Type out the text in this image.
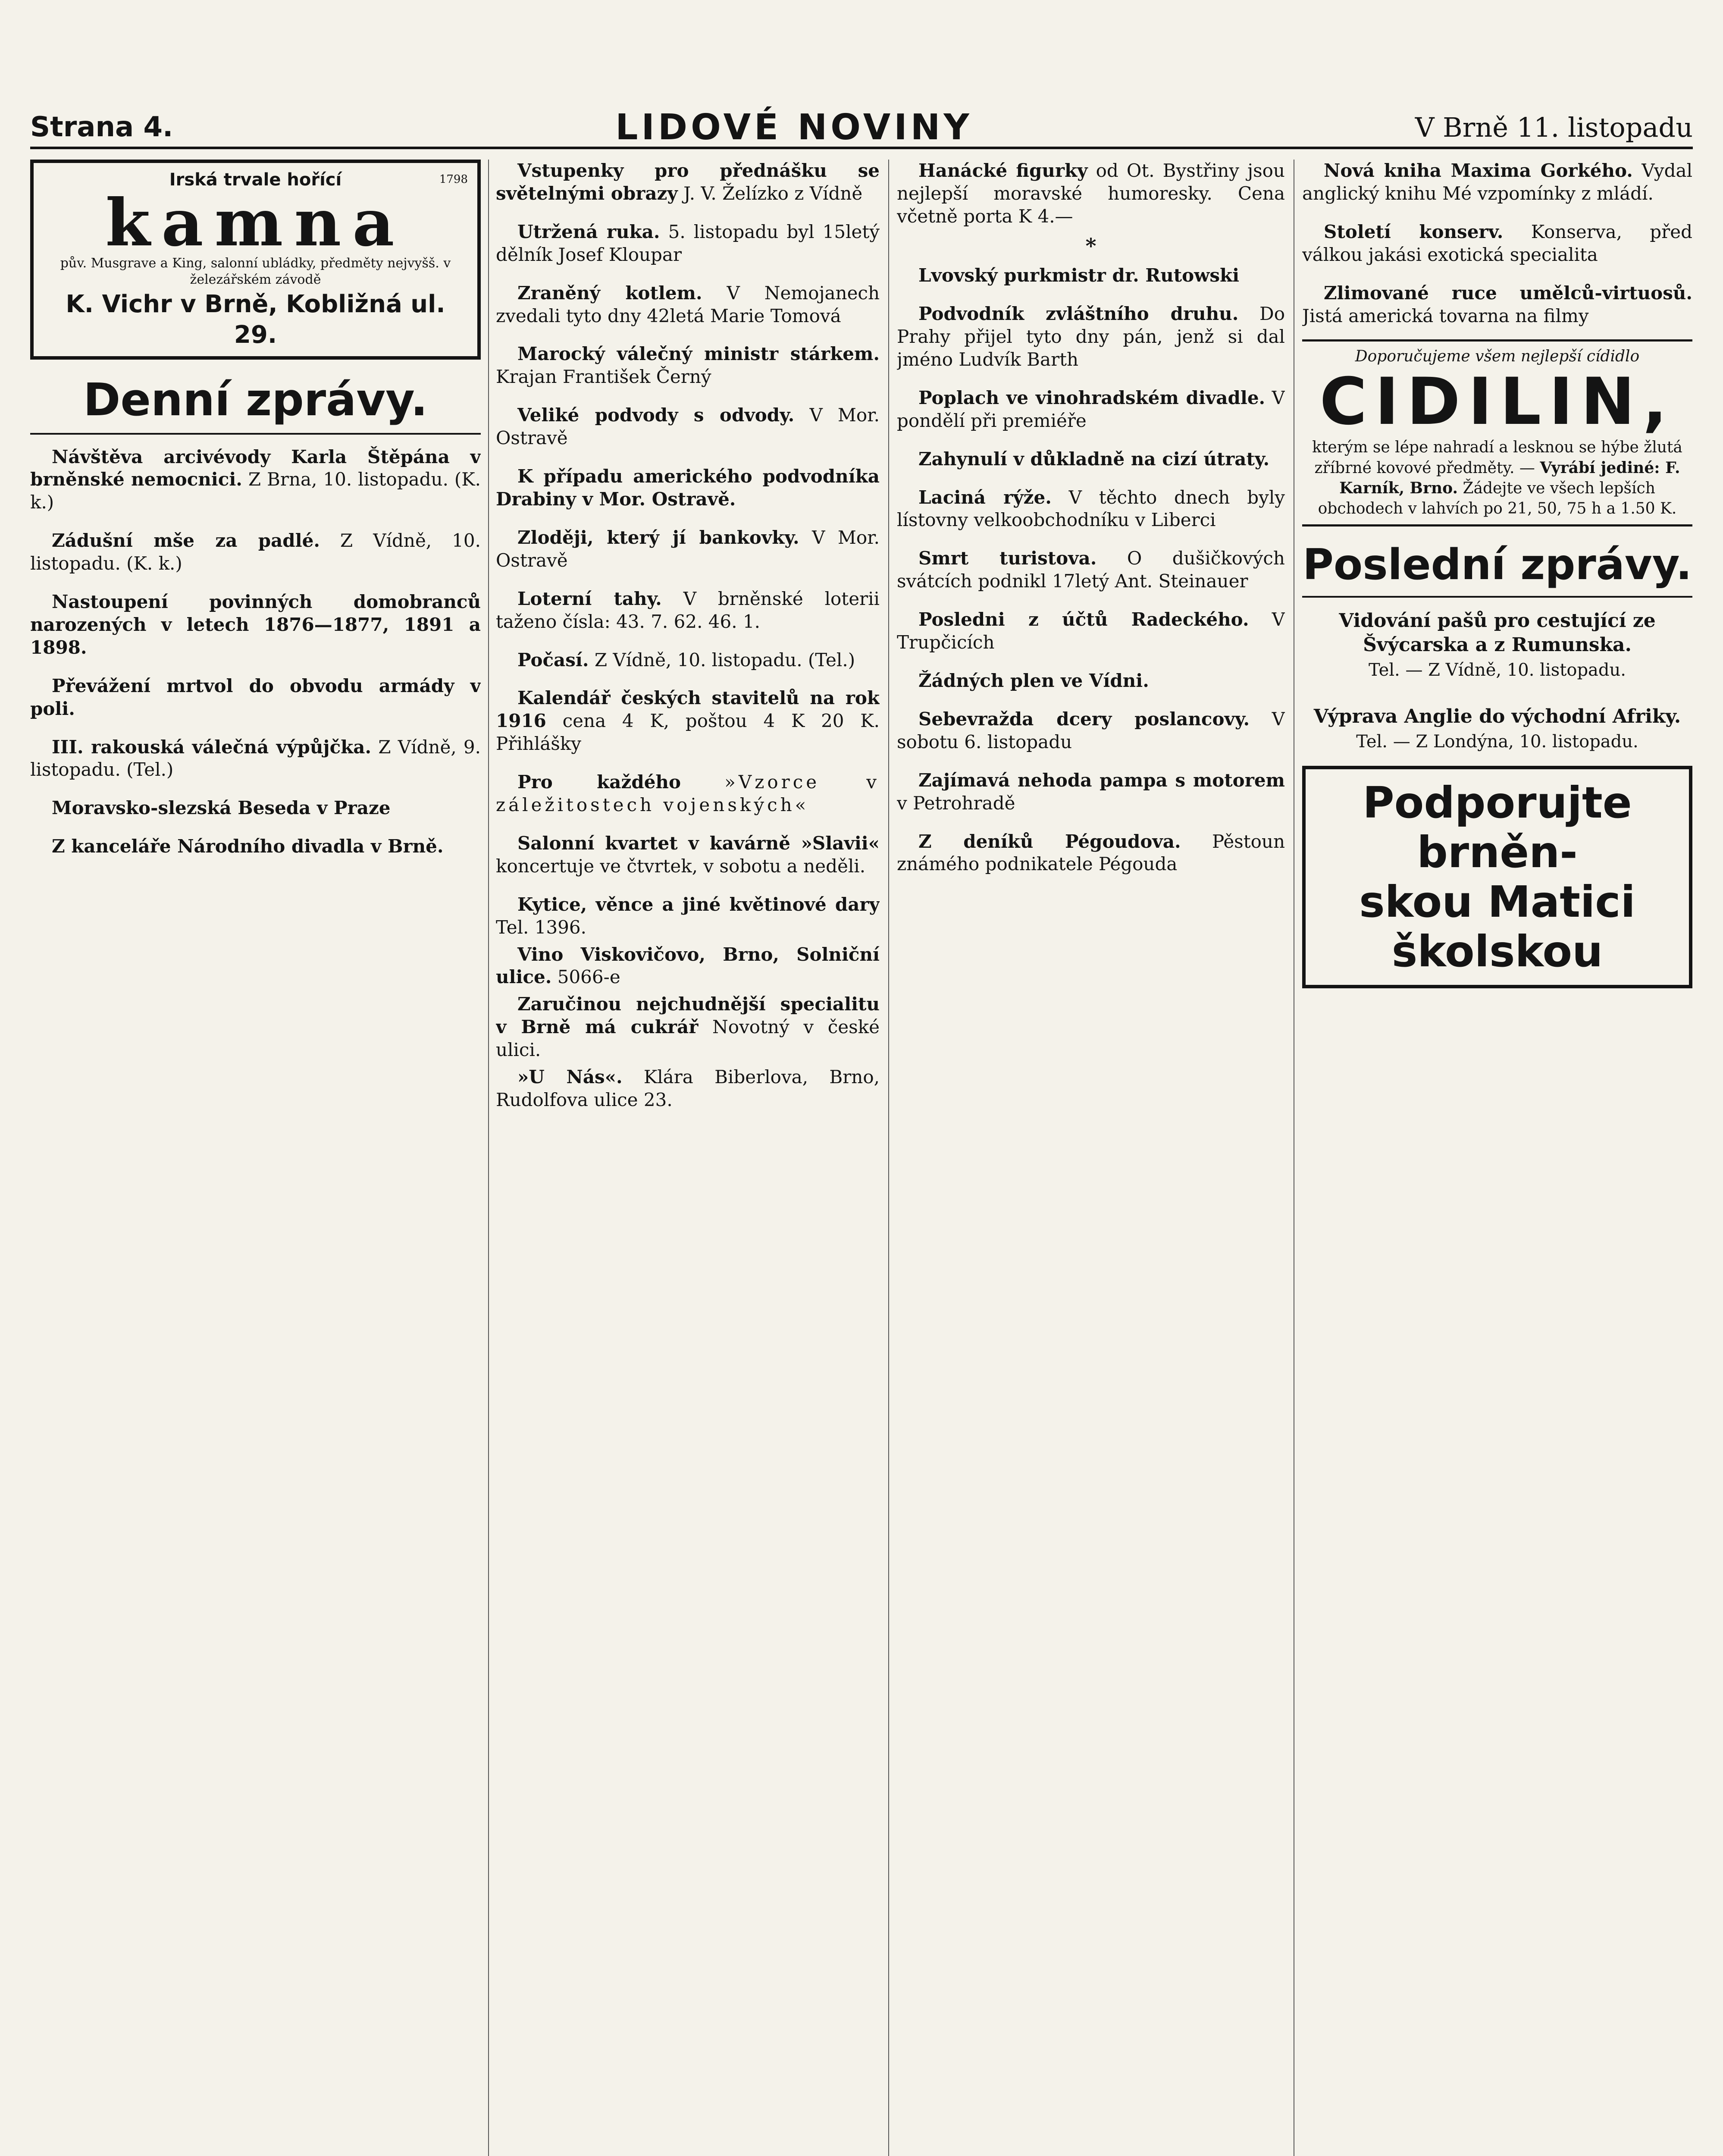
Strana 4.	LIDOVÉ NOVINY	V Brně 11. listopadu
Irská trvale hořící	1798
kamna
pův. Musgrave a King, salonní ubládky, předměty nejvyšš. v železářském závodě
K. Vichr v Brně, Kobližná ul. 29.
Denní zprávy.

Návštěva arcivévody Karla Štěpána v brněnské nemocnici. Z Brna, 10. listopadu. (K. k.)

Zádušní mše za padlé. Z Vídně, 10. listopadu. (K. k.)

Nastoupení povinných domobranců narozených v letech 1876—1877, 1891 a 1898.

Převážení mrtvol do obvodu armády v poli.

III. rakouská válečná výpůjčka. Z Vídně, 9. listopadu. (Tel.)

Moravsko-slezská Beseda v Praze

Z kanceláře Národního divadla v Brně.

Vstupenky pro přednášku se světelnými obrazy J. V. Želízko z Vídně

Utržená ruka. 5. listopadu byl 15letý dělník Josef Kloupar

Zraněný kotlem. V Nemojanech zvedali tyto dny 42letá Marie Tomová

Marocký válečný ministr stárkem. Krajan František Černý

Veliké podvody s odvody. V Mor. Ostravě

K případu amerického podvodníka Drabiny v Mor. Ostravě.

Zloději, který jí bankovky. V Mor. Ostravě

Loterní tahy. V brněnské loterii taženo čísla: 43. 7. 62. 46. 1.

Počasí. Z Vídně, 10. listopadu. (Tel.)

Kalendář českých stavitelů na rok 1916 cena 4 K, poštou 4 K 20 K. Přihlášky

Pro každého »Vzorce v záležitostech vojenských«

Salonní kvartet v kavárně »Slavii« koncertuje ve čtvrtek, v sobotu a neděli.

Kytice, věnce a jiné květinové dary Tel. 1396.

Vino Viskovičovo, Brno, Solniční ulice. 5066-e

Zaručinou nejchudnější specialitu v Brně má cukrář Novotný v české ulici.

»U Nás«. Klára Biberlova, Brno, Rudolfova ulice 23.

Hanácké figurky od Ot. Bystřiny jsou nejlepší moravské humoresky. Cena včetně porta K 4.—

*

Lvovský purkmistr dr. Rutowski

Podvodník zvláštního druhu. Do Prahy přijel tyto dny pán, jenž si dal jméno Ludvík Barth

Poplach ve vinohradském divadle. V pondělí při premiéře

Zahynulí v důkladně na cizí útraty.

Laciná rýže. V těchto dnech byly lístovny velkoobchodníku v Liberci

Smrt turistova. O dušičkových svátcích podnikl 17letý Ant. Steinauer

Posledni z účtů Radeckého. V Trupčicích

Žádných plen ve Vídni.

Sebevražda dcery poslancovy. V sobotu 6. listopadu

Zajímavá nehoda pampa s motorem v Petrohradě

Z deníků Pégoudova. Pěstoun známého podnikatele Pégouda

Nová kniha Maxima Gorkého. Vydal anglický knihu Mé vzpomínky z mládí.

Století konserv. Konserva, před válkou jakási exotická specialita

Zlimované ruce umělců-virtuosů. Jistá americká tovarna na filmy

Doporučujeme všem nejlepší cídidlo
CIDILIN,
kterým se lépe nahradí a lesknou se hýbe žlutá zříbrné kovové předměty. — Vyrábí jediné: F. Karník, Brno. Žádejte ve všech lepších obchodech v lahvích po 21, 50, 75 h a 1.50 K.
Poslední zprávy.

Vidování pašů pro cestující ze Švýcarska a z Rumunska.

Tel. — Z Vídně, 10. listopadu.

Výprava Anglie do východní Afriky.

Tel. — Z Londýna, 10. listopadu.

Podporujte brněn-
skou Matici školskou
